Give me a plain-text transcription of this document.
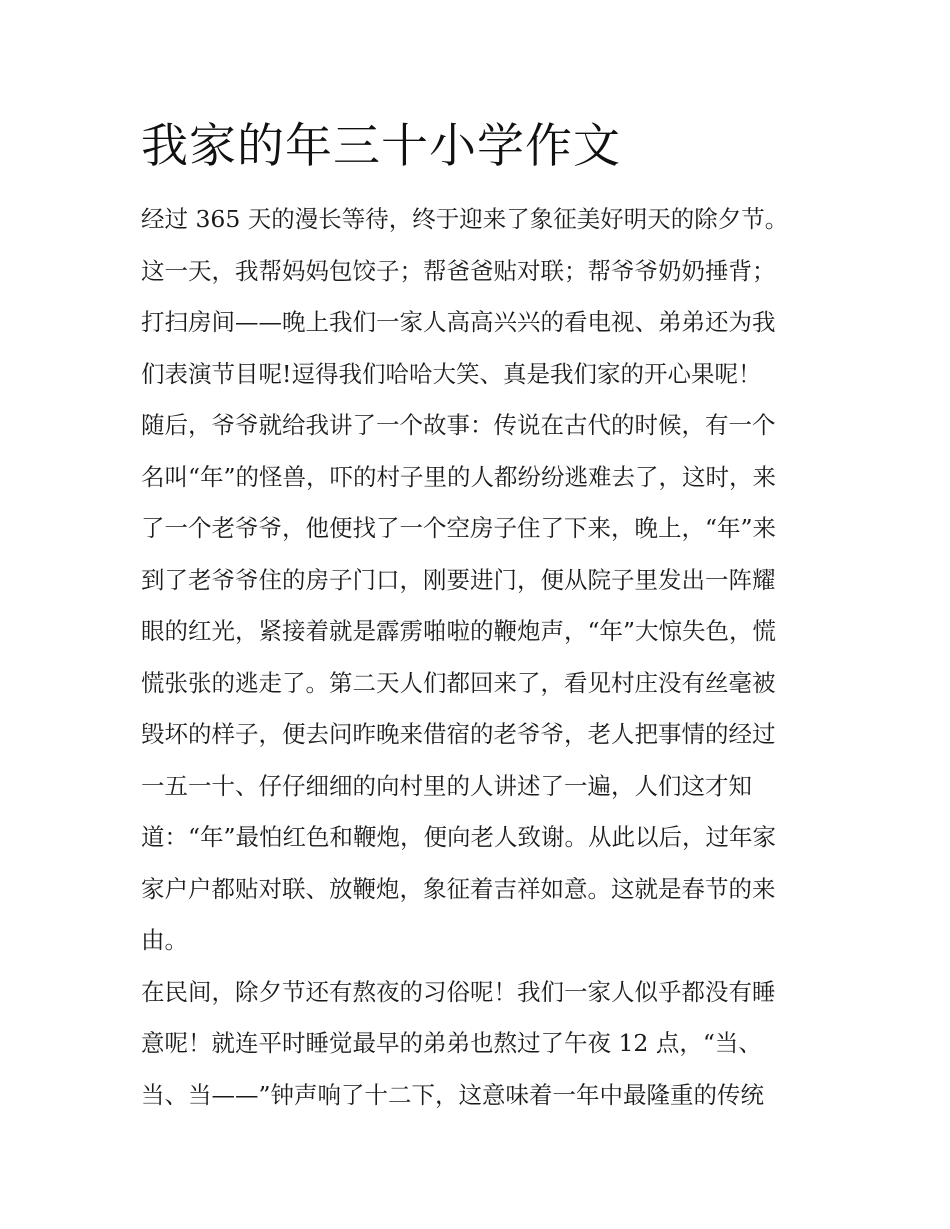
我家的年三十小学作文
经过 365 天的漫长等待，终于迎来了象征美好明天的除夕节。
这一天，我帮妈妈包饺子；帮爸爸贴对联；帮爷爷奶奶捶背；
打扫房间——晚上我们一家人高高兴兴的看电视、弟弟还为我
们表演节目呢!逗得我们哈哈大笑、真是我们家的开心果呢！
随后，爷爷就给我讲了一个故事：传说在古代的时候，有一个
名叫“年”的怪兽，吓的村子里的人都纷纷逃难去了，这时，来
了一个老爷爷，他便找了一个空房子住了下来，晚上，“年”来
到了老爷爷住的房子门口，刚要进门，便从院子里发出一阵耀
眼的红光，紧接着就是霹雳啪啦的鞭炮声，“年”大惊失色，慌
慌张张的逃走了。第二天人们都回来了，看见村庄没有丝毫被
毁坏的样子，便去问昨晚来借宿的老爷爷，老人把事情的经过
一五一十、仔仔细细的向村里的人讲述了一遍，人们这才知
道：“年”最怕红色和鞭炮，便向老人致谢。从此以后，过年家
家户户都贴对联、放鞭炮，象征着吉祥如意。这就是春节的来
由。
在民间，除夕节还有熬夜的习俗呢！我们一家人似乎都没有睡
意呢！就连平时睡觉最早的弟弟也熬过了午夜 12 点，“当、
当、当——”钟声响了十二下，这意味着一年中最隆重的传统
